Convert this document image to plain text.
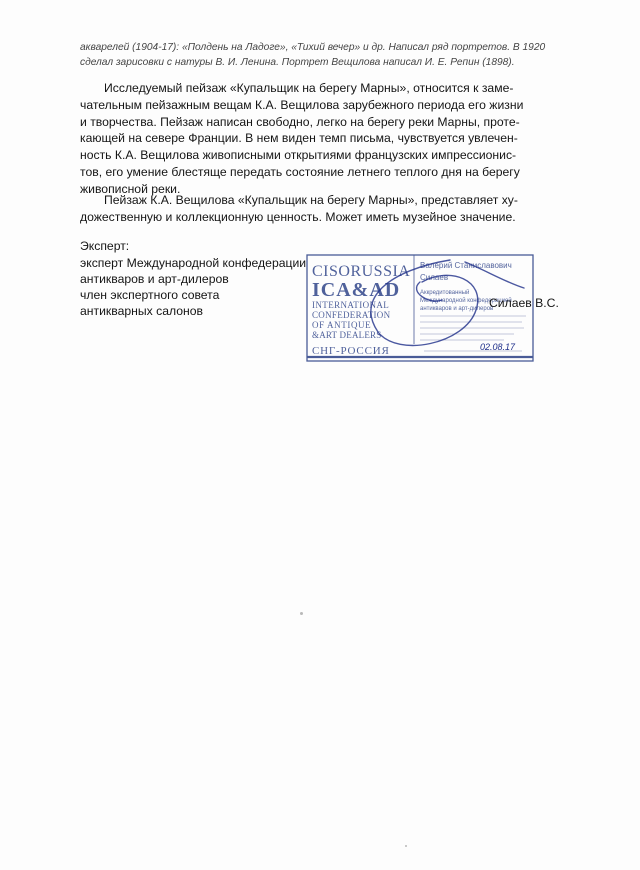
акварелей (1904-17): «Полдень на Ладоге», «Тихий вечер» и др. Написал ряд портретов. В 1920
сделал зарисовки с натуры В. И. Ленина. Портрет Вещилова написал И. Е. Репин (1898).
Исследуемый пейзаж «Купальщик на берегу Марны», относится к заме-
чательным пейзажным вещам К.А. Вещилова зарубежного периода его жизни
и творчества. Пейзаж написан свободно, легко на берегу реки Марны, проте-
кающей на севере Франции. В нем виден темп письма, чувствуется увлечен-
ность К.А. Вещилова живописными открытиями французских импрессионис-
тов, его умение блестяще передать состояние летнего теплого дня на берегу
живописной реки.
Пейзаж К.А. Вещилова «Купальщик на берегу Марны», представляет ху-
дожественную и коллекционную ценность. Может иметь музейное значение.
Эксперт:
эксперт Международной конфедерации
антикваров и арт-дилеров
член экспертного совета
антикварных салонов
CISORUSSIA
ICA&AD
INTERNATIONAL
CONFEDERATION
OF ANTIQUE
&ART DEALERS
СНГ-РОССИЯ
Валерий Станиславович
Силаев
Аккредитованный
Международной конфедерацией
антикваров и арт-дилеров
02.08.17
Силаев В.С.
